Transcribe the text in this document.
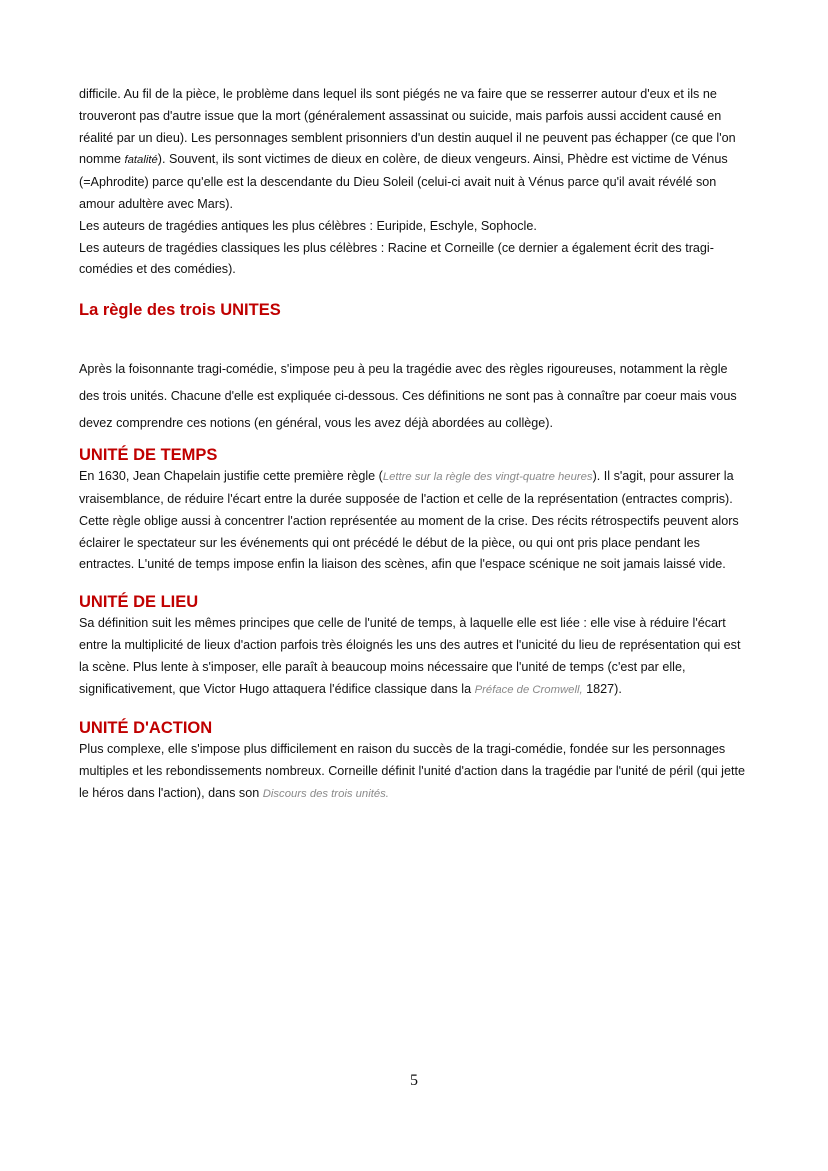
difficile. Au fil de la pièce, le problème dans lequel ils sont piégés ne va faire que se resserrer autour d'eux et ils ne trouveront pas d'autre issue que la mort (généralement assassinat ou suicide, mais parfois aussi accident causé en réalité par un dieu). Les personnages semblent prisonniers d'un destin auquel il ne peuvent pas échapper (ce que l'on nomme fatalité). Souvent, ils sont victimes de dieux en colère, de dieux vengeurs. Ainsi, Phèdre est victime de Vénus (=Aphrodite) parce qu'elle est la descendante du Dieu Soleil (celui-ci avait nuit à Vénus parce qu'il avait révélé son amour adultère avec Mars).

Les auteurs de tragédies antiques les plus célèbres : Euripide, Eschyle, Sophocle.

Les auteurs de tragédies classiques les plus célèbres : Racine et Corneille (ce dernier a également écrit des tragi-comédies et des comédies).

La règle des trois UNITES

Après la foisonnante tragi-comédie, s'impose peu à peu la tragédie avec des règles rigoureuses, notamment la règle des trois unités. Chacune d'elle est expliquée ci-dessous. Ces définitions ne sont pas à connaître par coeur mais vous devez comprendre ces notions (en général, vous les avez déjà abordées au collège).

UNITÉ DE TEMPS

En 1630, Jean Chapelain justifie cette première règle (Lettre sur la règle des vingt-quatre heures). Il s'agit, pour assurer la vraisemblance, de réduire l'écart entre la durée supposée de l'action et celle de la représentation (entractes compris). Cette règle oblige aussi à concentrer l'action représentée au moment de la crise. Des récits rétrospectifs peuvent alors éclairer le spectateur sur les événements qui ont précédé le début de la pièce, ou qui ont pris place pendant les entractes. L'unité de temps impose enfin la liaison des scènes, afin que l'espace scénique ne soit jamais laissé vide.

UNITÉ DE LIEU

Sa définition suit les mêmes principes que celle de l'unité de temps, à laquelle elle est liée : elle vise à réduire l'écart entre la multiplicité de lieux d'action parfois très éloignés les uns des autres et l'unicité du lieu de représentation qui est la scène. Plus lente à s'imposer, elle paraît à beaucoup moins nécessaire que l'unité de temps (c'est par elle, significativement, que Victor Hugo attaquera l'édifice classique dans la Préface de Cromwell, 1827).

UNITÉ D'ACTION

Plus complexe, elle s'impose plus difficilement en raison du succès de la tragi-comédie, fondée sur les personnages multiples et les rebondissements nombreux. Corneille définit l'unité d'action dans la tragédie par l'unité de péril (qui jette le héros dans l'action), dans son Discours des trois unités.

5
